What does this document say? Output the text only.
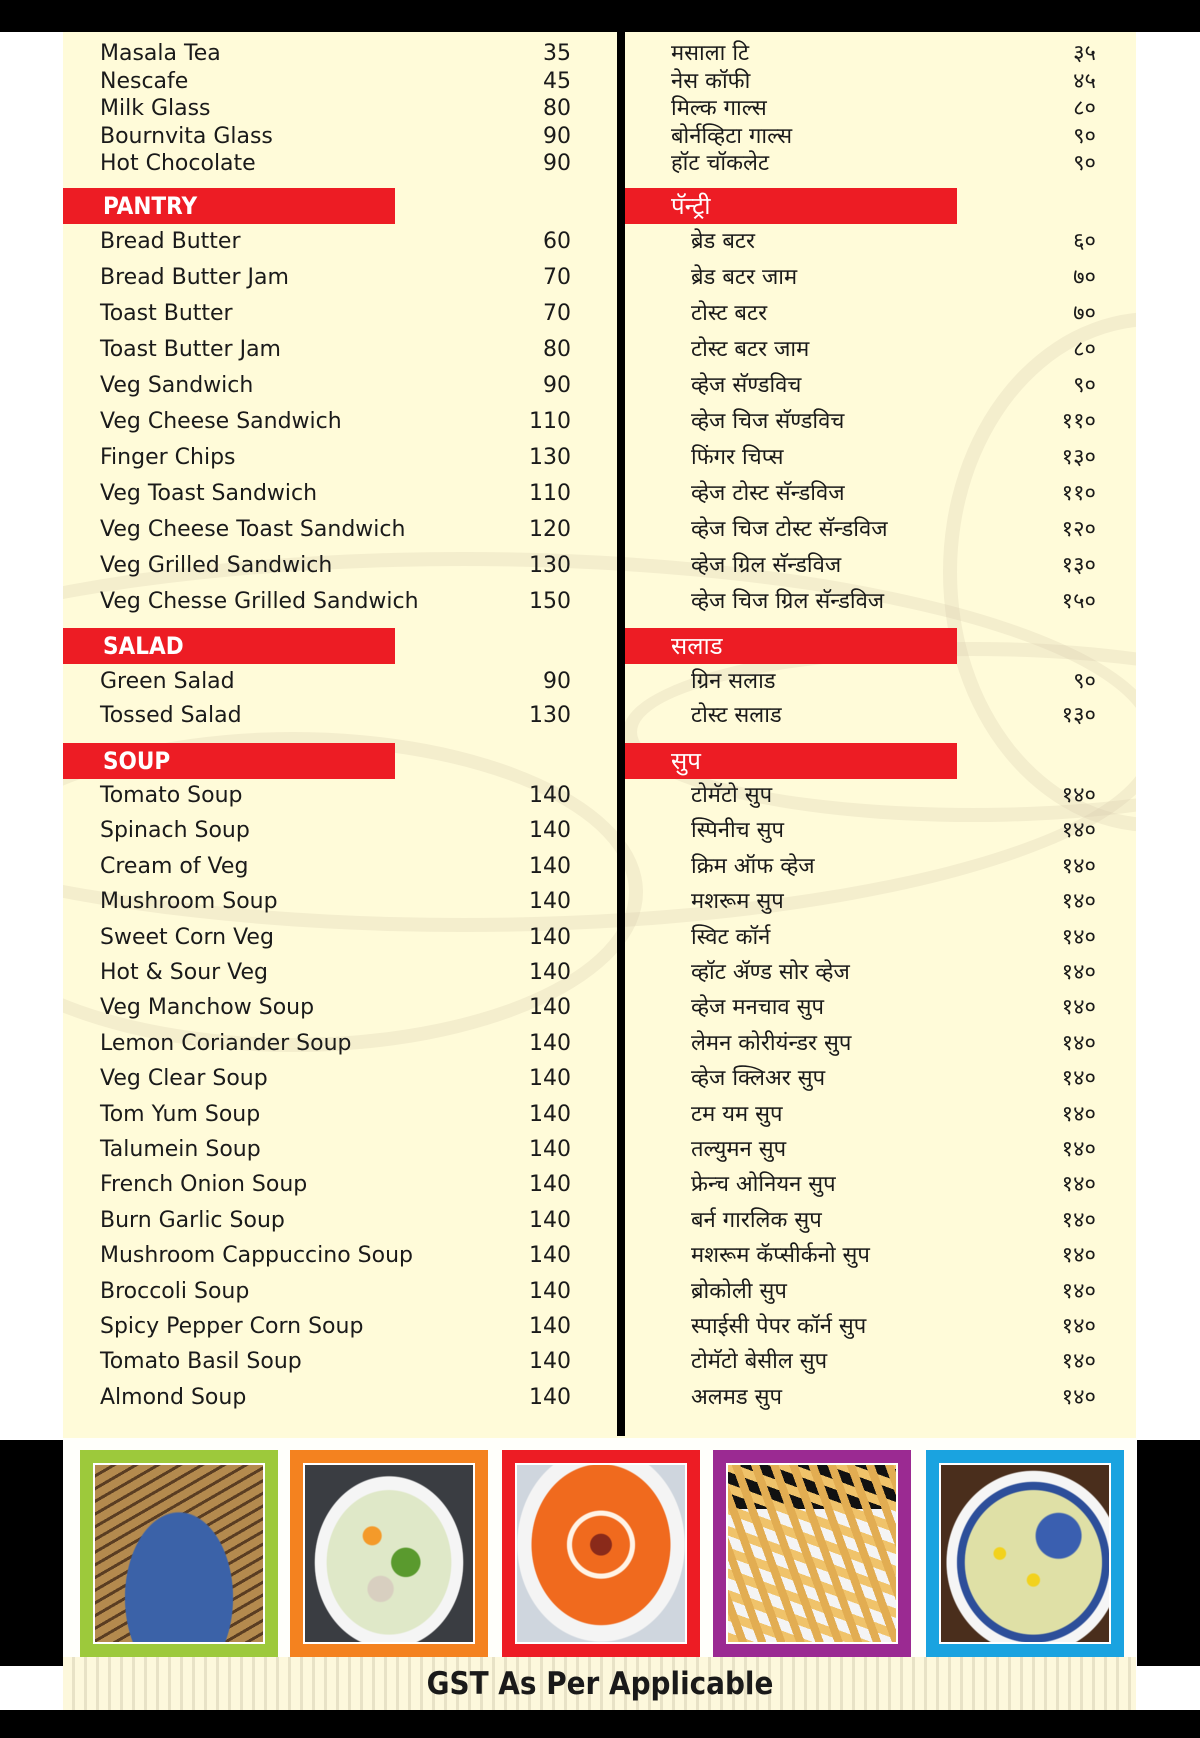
Masala Tea	35
Nescafe	45
Milk Glass	80
Bournvita Glass	90
Hot Chocolate	90
PANTRY
Bread Butter	60
Bread Butter Jam	70
Toast Butter	70
Toast Butter Jam	80
Veg Sandwich	90
Veg Cheese Sandwich	110
Finger Chips	130
Veg Toast Sandwich	110
Veg Cheese Toast Sandwich	120
Veg Grilled Sandwich	130
Veg Chesse Grilled Sandwich	150
SALAD
Green Salad	90
Tossed Salad	130
SOUP
Tomato Soup	140
Spinach Soup	140
Cream of Veg	140
Mushroom Soup	140
Sweet Corn Veg	140
Hot & Sour Veg	140
Veg Manchow Soup	140
Lemon Coriander Soup	140
Veg Clear Soup	140
Tom Yum Soup	140
Talumein Soup	140
French Onion Soup	140
Burn Garlic Soup	140
Mushroom Cappuccino Soup	140
Broccoli Soup	140
Spicy Pepper Corn Soup	140
Tomato Basil Soup	140
Almond Soup	140
मसाला टि	३५
नेस कॉफी	४५
मिल्क गाल्स	८०
बोर्नव्हिटा गाल्स	९०
हॉट चॉकलेट	९०
पॅन्ट्री
ब्रेड बटर	६०
ब्रेड बटर जाम	७०
टोस्ट बटर	७०
टोस्ट बटर जाम	८०
व्हेज सॅण्डविच	९०
व्हेज चिज सॅण्डविच	११०
फिंगर चिप्स	१३०
व्हेज टोस्ट सॅन्डविज	११०
व्हेज चिज टोस्ट सॅन्डविज	१२०
व्हेज ग्रिल सॅन्डविज	१३०
व्हेज चिज ग्रिल सॅन्डविज	१५०
सलाड
ग्रिन सलाड	९०
टोस्ट सलाड	१३०
सुप
टोमॅटो सुप	१४०
स्पिनीच सुप	१४०
क्रिम ऑफ व्हेज	१४०
मशरूम सुप	१४०
स्विट कॉर्न	१४०
व्हॉट ॲण्ड सोर व्हेज	१४०
व्हेज मनचाव सुप	१४०
लेमन कोरीयंन्डर सुप	१४०
व्हेज क्लिअर सुप	१४०
टम यम सुप	१४०
तल्युमन सुप	१४०
फ्रेन्च ओनियन सुप	१४०
बर्न गारलिक सुप	१४०
मशरूम कॅप्सीर्कनो सुप	१४०
ब्रोकोली सुप	१४०
स्पाईसी पेपर कॉर्न सुप	१४०
टोमॅटो बेसील सुप	१४०
अलमड सुप	१४०
GST As Per Applicable
